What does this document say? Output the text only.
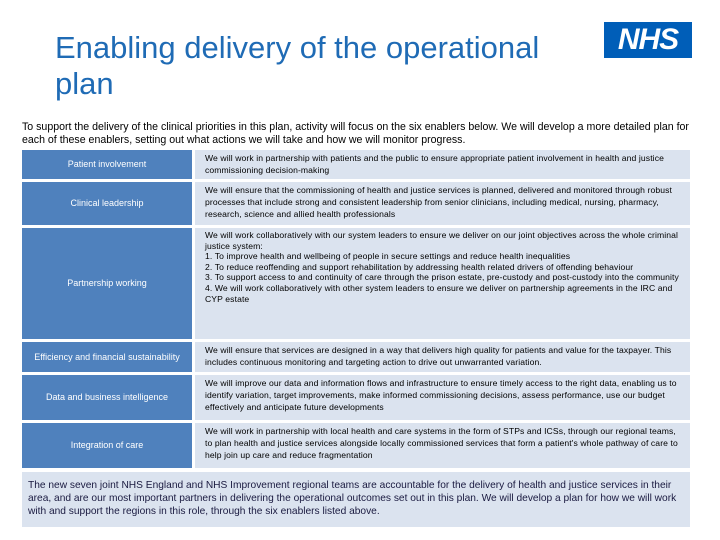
Enabling delivery of the operational plan
NHS
To support the delivery of the clinical priorities in this plan, activity will focus on the six enablers below. We will develop a more detailed plan for each of these enablers, setting out what actions we will take and how we will monitor progress.
Patient involvement
We will work in partnership with patients and the public to ensure appropriate patient involvement in health and justice commissioning decision-making
Clinical leadership
We will ensure that the commissioning of health and justice services is planned, delivered and monitored through robust processes that include strong and consistent leadership from senior clinicians, including medical, nursing, pharmacy, research, science and allied health professionals
Partnership working
We will work collaboratively with our system leaders to ensure we deliver on our joint objectives across the whole criminal justice system:
1. To improve health and wellbeing of people in secure settings and reduce health inequalities
2. To reduce reoffending and support rehabilitation by addressing health related drivers of offending behaviour
3. To support access to and continuity of care through the prison estate, pre-custody and post-custody into the community
4. We will work collaboratively with other system leaders to ensure we deliver on partnership agreements in the IRC and CYP estate
Efficiency and financial sustainability
We will ensure that services are designed in a way that delivers high quality for patients and value for the taxpayer. This includes continuous monitoring and targeting action to drive out unwarranted variation.
Data and business intelligence
We will improve our data and information flows and infrastructure to ensure timely access to the right data, enabling us to identify variation, target improvements, make informed commissioning decisions, assess performance, use our budget effectively and anticipate future developments
Integration of care
We will work in partnership with local health and care systems in the form of STPs and ICSs, through our regional teams, to plan health and justice services alongside locally commissioned services that form a patient's whole pathway of care to help join up care and reduce fragmentation
The new seven joint NHS England and NHS Improvement regional teams are accountable for the delivery of health and justice services in their area, and are our most important partners in delivering the operational outcomes set out in this plan. We will develop a plan for how we will work with and support the regions in this role, through the six enablers listed above.
